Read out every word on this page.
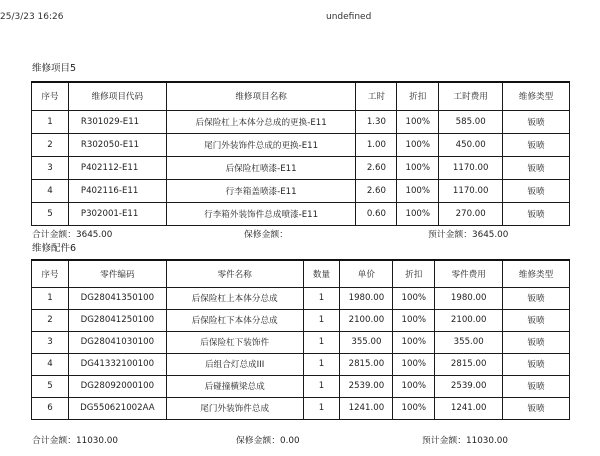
25/3/23 16:26	undefined
维修项目5
序号	维修项目代码	维修项目名称	工时	折扣	工时费用	维修类型
1	R301029-E11	后保险杠上本体分总成的更换-E11	1.30	100%	585.00	钣喷
2	R302050-E11	尾门外装饰件总成的更换-E11	1.00	100%	450.00	钣喷
3	P402112-E11	后保险杠喷漆-E11	2.60	100%	1170.00	钣喷
4	P402116-E11	行李箱盖喷漆-E11	2.60	100%	1170.00	钣喷
5	P302001-E11	行李箱外装饰件总成喷漆-E11	0.60	100%	270.00	钣喷
合计金额：3645.00	保修金额：	预计金额：3645.00
维修配件6
序号	零件编码	零件名称	数量	单价	折扣	零件费用	维修类型
1	DG28041350100	后保险杠上本体分总成	1	1980.00	100%	1980.00	钣喷
2	DG28041250100	后保险杠下本体分总成	1	2100.00	100%	2100.00	钣喷
3	DG28041030100	后保险杠下装饰件	1	355.00	100%	355.00	钣喷
4	DG41332100100	后组合灯总成III	1	2815.00	100%	2815.00	钣喷
5	DG28092000100	后碰撞横梁总成	1	2539.00	100%	2539.00	钣喷
6	DG550621002AA	尾门外装饰件总成	1	1241.00	100%	1241.00	钣喷
合计金额：11030.00	保修金额：0.00	预计金额：11030.00
